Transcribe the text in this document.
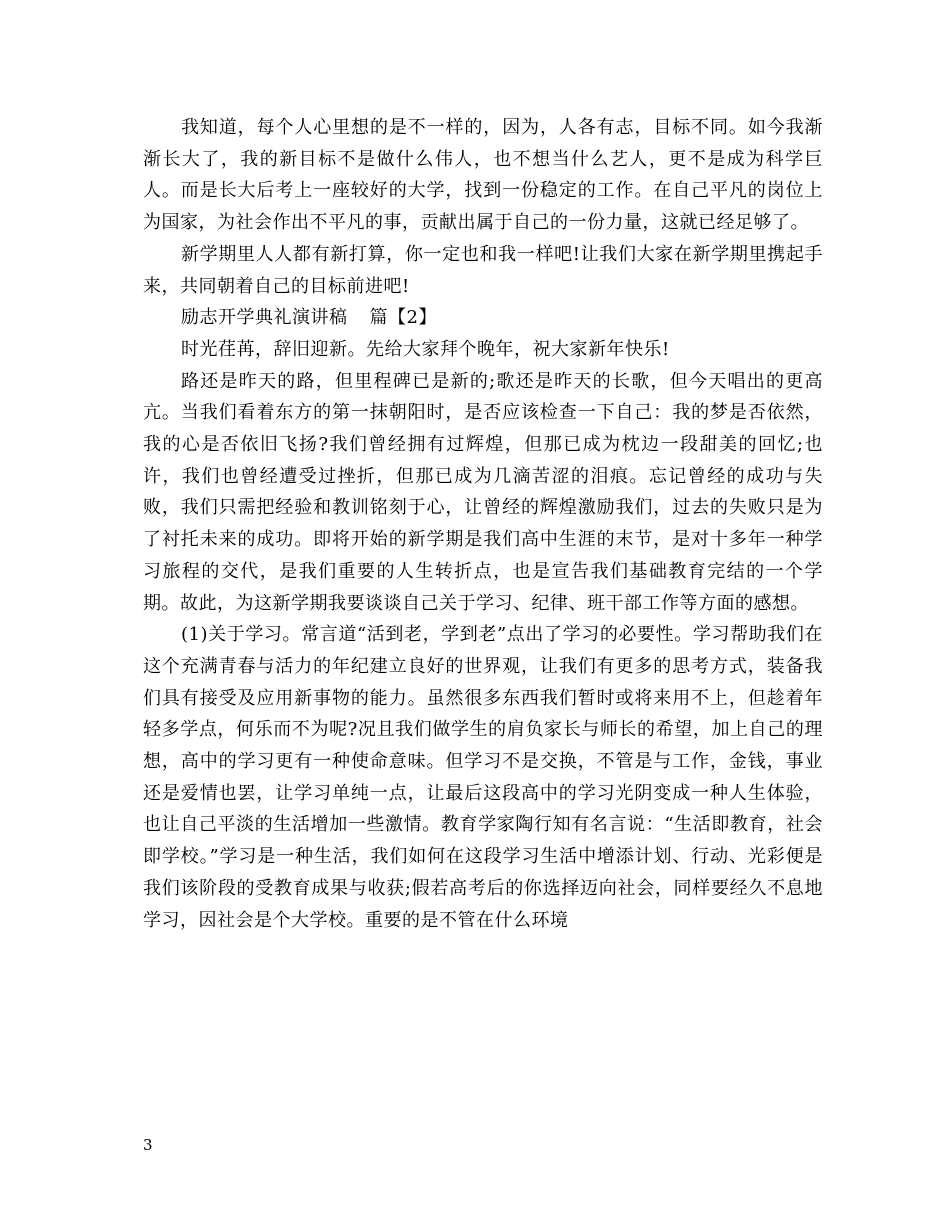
我知道，每个人心里想的是不一样的，因为，人各有志，目标不同。如今我渐渐长大了，我的新目标不是做什么伟人，也不想当什么艺人，更不是成为科学巨人。而是长大后考上一座较好的大学，找到一份稳定的工作。在自己平凡的岗位上为国家，为社会作出不平凡的事，贡献出属于自己的一份力量，这就已经足够了。

新学期里人人都有新打算，你一定也和我一样吧!让我们大家在新学期里携起手来，共同朝着自己的目标前进吧!

励志开学典礼演讲稿 篇【2】

时光荏苒，辞旧迎新。先给大家拜个晚年，祝大家新年快乐!

路还是昨天的路，但里程碑已是新的;歌还是昨天的长歌，但今天唱出的更高亢。当我们看着东方的第一抹朝阳时，是否应该检查一下自己：我的梦是否依然，我的心是否依旧飞扬?我们曾经拥有过辉煌，但那已成为枕边一段甜美的回忆;也许，我们也曾经遭受过挫折，但那已成为几滴苦涩的泪痕。忘记曾经的成功与失败，我们只需把经验和教训铭刻于心，让曾经的辉煌激励我们，过去的失败只是为了衬托未来的成功。即将开始的新学期是我们高中生涯的末节，是对十多年一种学习旅程的交代，是我们重要的人生转折点，也是宣告我们基础教育完结的一个学期。故此，为这新学期我要谈谈自己关于学习、纪律、班干部工作等方面的感想。

(1)关于学习。常言道“活到老，学到老”点出了学习的必要性。学习帮助我们在这个充满青春与活力的年纪建立良好的世界观，让我们有更多的思考方式，装备我们具有接受及应用新事物的能力。虽然很多东西我们暂时或将来用不上，但趁着年轻多学点，何乐而不为呢?况且我们做学生的肩负家长与师长的希望，加上自己的理想，高中的学习更有一种使命意味。但学习不是交换，不管是与工作，金钱，事业还是爱情也罢，让学习单纯一点，让最后这段高中的学习光阴变成一种人生体验，也让自己平淡的生活增加一些激情。教育学家陶行知有名言说：“生活即教育，社会即学校。”学习是一种生活，我们如何在这段学习生活中增添计划、行动、光彩便是我们该阶段的受教育成果与收获;假若高考后的你选择迈向社会，同样要经久不息地学习，因社会是个大学校。重要的是不管在什么环境

3
